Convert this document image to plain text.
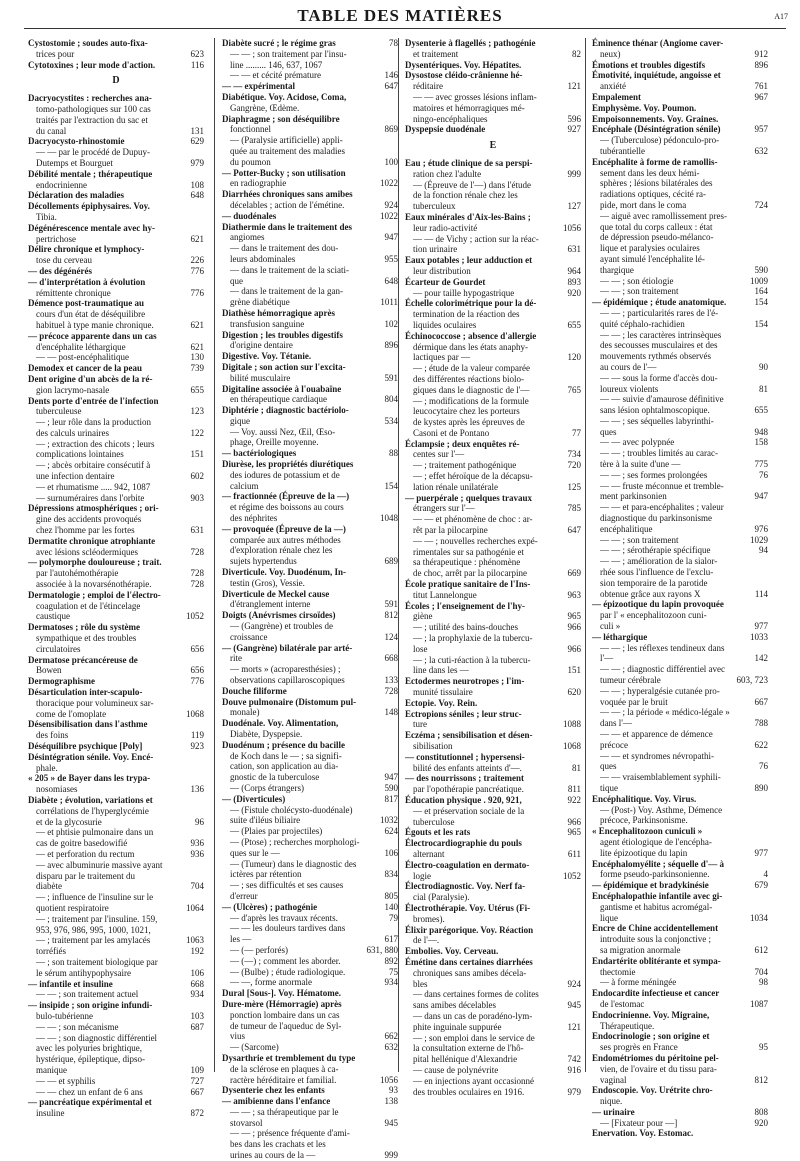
TABLE DES MATIÈRES	A17
Cystostomie ; soudes auto-fixa-
trices pour	623
Cytotoxines ; leur mode d'action.	116
D
Dacryocystites : recherches ana-
tomo-pathologiques sur 100 cas
traités par l'extraction du sac et
du canal	131
Dacryocysto-rhinostomie	629
— — par le procédé de Dupuy-
Dutemps et Bourguet	979
Débilité mentale ; thérapeutique
endocrinienne	108
Déclaration des maladies	648
Décollements épiphysaires. Voy.
Tibia.
Dégénérescence mentale avec hy-
pertrichose	621
Délire chronique et lymphocy-
tose du cerveau	226
— des dégénérés	776
— d'interprétation à évolution
rémittente chronique	776
Démence post-traumatique au
cours d'un état de déséquilibre
habituel à type manie chronique.	621
— précoce apparente dans un cas
d'encéphalite léthargique	621
— — post-encéphalitique	130
Demodex et cancer de la peau	739
Dent origine d'un abcès de la ré-
gion lacrymo-nasale	655
Dents porte d'entrée de l'infection
tuberculeuse	123
— ; leur rôle dans la production
des calculs urinaires	122
— ; extraction des chicots ; leurs
complications lointaines	151
— ; abcès orbitaire consécutif à
une infection dentaire	602
— et rhumatisme ..... 942, 1087
— surnuméraires dans l'orbite	903
Dépressions atmosphériques ; ori-
gine des accidents provoqués
chez l'homme par les fortes	631
Dermatite chronique atrophiante
avec lésions scléodermiques	728
— polymorphe douloureuse ; trait.
par l'autohémothérapie	728
associée à la novarsénothérapie.	728
Dermatologie ; emploi de l'électro-
coagulation et de l'étincelage
caustique	1052
Dermatoses ; rôle du système
sympathique et des troubles
circulatoires	656
Dermatose précancéreuse de
Bowen	656
Dermographisme	776
Désarticulation inter-scapulo-
thoracique pour volumineux sar-
come de l'omoplate	1068
Désensibilisation dans l'asthme
des foins	119
Déséquilibre psychique [Poly]	923
Désintégration sénile. Voy. Encé-
phale.
« 205 » de Bayer dans les trypa-
nosomiases	136
Diabète ; évolution, variations et
corrélations de l'hyperglycémie
et de la glycosurie	96
— et phtisie pulmonaire dans un
cas de goitre basedowifié	936
— et perforation du rectum	936
— avec albuminurie massive ayant
disparu par le traitement du
diabète	704
— ; influence de l'insuline sur le
quotient respiratoire	1064
— ; traitement par l'insuline. 159,
953, 976, 986, 995, 1000, 1021,
— ; traitement par les amylacés	1063
torréfiés	192
— ; son traitement biologique par
le sérum antihypophysaire	106
— infantile et insuline	668
— — ; son traitement actuel	934
— insipide ; son origine infundi-
bulo-tubérienne	103
— — ; son mécanisme	687
— — ; son diagnostic différentiel
avec les polyuries brightique,
hystérique, épileptique, dipso-
manique	109
— — et syphilis	727
— — chez un enfant de 6 ans	667
— pancréatique expérimental et
insuline	872
Diabète sucré ; le régime gras	78
— — ; son traitement par l'insu-
line ......... 146, 637, 1067
— — et cécité prémature	146
— — expérimental	647
Diabétique. Voy. Acidose, Coma,
Gangrène, Œdème.
Diaphragme ; son déséquilibre
fonctionnel	869
— (Paralysie artificielle) appli-
quée au traitement des maladies
du poumon	100
— Potter-Bucky ; son utilisation
en radiographie	1022
Diarrhées chroniques sans amibes
décelables ; action de l'émétine.	924
— duodénales	1022
Diathermie dans le traitement des
angiomes	947
— dans le traitement des dou-
leurs abdominales	955
— dans le traitement de la sciati-
que	648
— dans le traitement de la gan-
grène diabétique	1011
Diathèse hémorragique après
transfusion sanguine	102
Digestion ; les troubles digestifs
d'origine dentaire	896
Digestive. Voy. Tétanie.
Digitale ; son action sur l'excita-
bilité musculaire	591
Digitaline associée à l'ouabaïne
en thérapeutique cardiaque	804
Diphtérie ; diagnostic bactériolo-
gique	534
— Voy. aussi Nez, Œil, Œso-
phage, Oreille moyenne.
— bactériologiques	88
Diurèse, les propriétés diurétiques
des iodures de potassium et de
calcium	154
— fractionnée (Épreuve de la —)
et régime des boissons au cours
des néphrites	1048
— provoquée (Épreuve de la —)
comparée aux autres méthodes
d'exploration rénale chez les
sujets hypertendus	689
Diverticule. Voy. Duodénum, In-
testin (Gros), Vessie.
Diverticule de Meckel cause
d'étranglement interne	591
Doigts (Anévrismes cirsoïdes)	812
— (Gangrène) et troubles de
croissance	124
— (Gangrène) bilatérale par arté-
rite	668
— morts » (acroparesthésies) ;
observations capillaroscopiques	133
Douche filiforme	728
Douve pulmonaire (Distomum pul-
monale)	148
Duodénale. Voy. Alimentation,
Diabète, Dyspepsie.
Duodénum ; présence du bacille
de Koch dans le — ; sa signifi-
cation, son application au dia-
gnostic de la tuberculose	947
— (Corps étrangers)	590
— (Diverticules)	817
— (Fistule cholécysto-duodénale)
suite d'iléus biliaire	1032
— (Plaies par projectiles)	624
— (Ptose) ; recherches morphologi-
ques sur le —	106
— (Tumeur) dans le diagnostic des
ictères par rétention	834
— ; ses difficultés et ses causes
d'erreur	805
— (Ulcères) ; pathogénie	140
— d'après les travaux récents.	79
— — les douleurs tardives dans
les —	617
— (— perforés)	631, 880
— (—) ; comment les aborder.	892
— (Bulbe) ; étude radiologique.	75
— —, forme anormale	934
Dural [Sous-]. Voy. Hématome.
Dure-mère (Hémorragie) après
ponction lombaire dans un cas
de tumeur de l'aqueduc de Syl-
vius	662
— (Sarcome)	632
Dysarthrie et tremblement du type
de la sclérose en plaques à ca-
ractère héréditaire et familial.	1056
Dysenterie chez les enfants	93
— amibienne dans l'enfance	138
— — ; sa thérapeutique par le
stovarsol	945
— — ; présence fréquente d'ami-
bes dans les crachats et les
urines au cours de la —	999
Dysenterie à flagellés ; pathogénie
et traitement	82
Dysentériques. Voy. Hépatites.
Dysostose cléido-crânienne hé-
réditaire	121
— — avec grosses lésions inflam-
matoires et hémorragiques mé-
ningo-encéphaliques	596
Dyspepsie duodénale	927
E
Eau ; étude clinique de sa perspi-
ration chez l'adulte	999
— (Épreuve de l'—) dans l'étude
de la fonction rénale chez les
tuberculeux	127
Eaux minérales d'Aix-les-Bains ;
leur radio-activité	1056
— — de Vichy ; action sur la réac-
tion urinaire	631
Eaux potables ; leur adduction et
leur distribution	964
Écarteur de Gourdet	893
— pour taille hypogastrique	920
Échelle colorimétrique pour la dé-
termination de la réaction des
liquides oculaires	655
Échinococcose ; absence d'allergie
dérmique dans les états anaphy-
lactiques par —	120
— ; étude de la valeur comparée
des différentes réactions biolo-
giques dans le diagnostic de l'—	765
— ; modifications de la formule
leucocytaire chez les porteurs
de kystes après les épreuves de
Casoni et de Pontano	77
Éclampsie ; deux enquêtes ré-
centes sur l'—	734
— ; traitement pathogénique	720
— ; effet héroïque de la décapsu-
lation rénale unilatérale	125
— puerpérale ; quelques travaux
étrangers sur l'—	785
— — et phénomène de choc : ar-
rêt par la pilocarpine	647
— — ; nouvelles recherches expé-
rimentales sur sa pathogénie et
sa thérapeutique : phénomène
de choc, arrêt par la pilocarpine	669
École pratique sanitaire de l'Ins-
titut Lannelongue	963
Écoles ; l'enseignement de l'hy-
giène	965
— ; utilité des bains-douches	966
— ; la prophylaxie de la tubercu-
lose	966
— ; la cuti-réaction à la tubercu-
line dans les —	151
Ectodermes neurotropes ; l'im-
munité tissulaire	620
Ectopie. Voy. Rein.
Ectropions séniles ; leur struc-
ture	1088
Eczéma ; sensibilisation et désen-
sibilisation	1068
— constitutionnel ; hypersensi-
bilité des enfants atteints d'—.	81
— des nourrissons ; traitement
par l'opothérapie pancréatique.	811
Éducation physique . 920, 921,	922
— et préservation sociale de la
tuberculose	966
Égouts et les rats	965
Électrocardiographie du pouls
alternant	611
Électro-coagulation en dermato-
logie	1052
Électrodiagnostic. Voy. Nerf fa-
cial (Paralysie).
Électrothérapie. Voy. Utérus (Fi-
bromes).
Élixir parégorique. Voy. Réaction
de l'—.
Embolies. Voy. Cerveau.
Émétine dans certaines diarrhées
chroniques sans amibes décela-
bles	924
— dans certaines formes de colites
sans amibes décelables	945
— dans un cas de poradéno-lym-
phite inguinale suppurée	121
— ; son emploi dans le service de
la consultation externe de l'hô-
pital hellénique d'Alexandrie	742
— cause de polynévrite	916
— en injections ayant occasionné
des troubles oculaires en 1916.	979
Éminence thénar (Angiome caver-
neux)	912
Émotions et troubles digestifs	896
Émotivité, inquiétude, angoisse et
anxiété	761
Empalement	967
Emphysème. Voy. Poumon.
Empoisonnements. Voy. Graines.
Encéphale (Désintégration sénile)	957
— (Tuberculose) pédonculo-pro-
tubérantielle	632
Encéphalite à forme de ramollis-
sement dans les deux hémi-
sphères ; lésions bilatérales des
radiations optiques, cécité ra-
pide, mort dans le coma	724
— aiguë avec ramollissement pres-
que total du corps calleux : état
de dépression pseudo-mélanco-
lique et paralysies oculaires
ayant simulé l'encéphalite lé-
thargique	590
— — ; son étiologie	1009
— — ; son traitement	164
— épidémique ; étude anatomique.	154
— — ; particularités rares de l'é-
quité céphalo-rachidien	154
— — ; les caractères intrinsèques
des secousses musculaires et des
mouvements rythmés observés
au cours de l'—	90
— — sous la forme d'accès dou-
loureux violents	81
— — suivie d'amaurose définitive
sans lésion ophtalmoscopique.	655
— — ; ses séquelles labyrinthi-
ques	948
— — avec polypnée	158
— — ; troubles limités au carac-
tère à la suite d'une —	775
— — ; ses formes prolongées	76
— — fruste méconnue et tremble-
ment parkinsonien	947
— — et para-encéphalites ; valeur
diagnostique du parkinsonisme
encéphalitique	976
— — ; son traitement	1029
— — ; sérothérapie spécifique	94
— — ; amélioration de la sialor-
rhée sous l'influence de l'exclu-
sion temporaire de la parotide
obtenue grâce aux rayons X	114
— épizootique du lapin provoquée
par l' « encephalitozoon cuni-
culi »	977
— léthargique	1033
— — ; les réflexes tendineux dans
l'—	142
— — ; diagnostic différentiel avec
tumeur cérébrale	603, 723
— — ; hyperalgésie cutanée pro-
voquée par le bruit	667
— — ; la période « médico-légale »
dans l'—	788
— — et apparence de démence
précoce	622
— — et syndromes névropathi-
ques	76
— — vraisemblablement syphili-
tique	890
Encéphalitique. Voy. Virus.
— (Post-) Voy. Asthme, Démence
précoce, Parkinsonisme.
« Encephalitozoon cuniculi »
agent étiologique de l'encépha-
lite épizootique du lapin	977
Encéphalomyélite ; séquelle d'— à
forme pseudo-parkinsonienne.	4
— épidémique et bradykinésie	679
Encéphalopathie infantile avec gi-
gantisme et habitus acromégal-
lique	1034
Encre de Chine accidentellement
introduite sous la conjonctive ;
sa migration anormale	612
Endartérite oblitérante et sympa-
thectomie	704
— à forme méningée	98
Endocardite infectieuse et cancer
de l'estomac	1087
Endocrinienne. Voy. Migraine,
Thérapeutique.
Endocrinologie ; son origine et
ses progrès en France	95
Endométriomes du péritoine pel-
vien, de l'ovaire et du tissu para-
vaginal	812
Endoscopie. Voy. Urétrite chro-
nique.
— urinaire	808
— [Fixateur pour —]	920
Enervation. Voy. Estomac.
